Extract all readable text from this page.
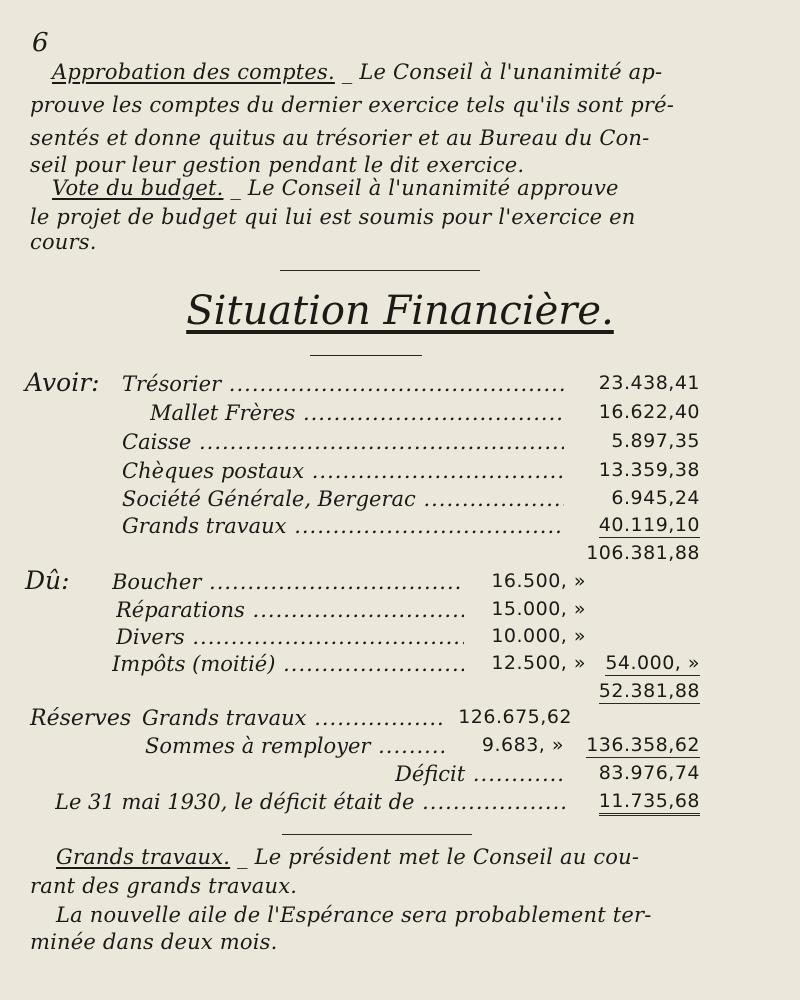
6
Approbation des comptes. _ Le Conseil à l'unanimité ap-
prouve les comptes du dernier exercice tels qu'ils sont pré-
sentés et donne quitus au trésorier et au Bureau du Con-
seil pour leur gestion pendant le dit exercice.
Vote du budget. _ Le Conseil à l'unanimité approuve
le projet de budget qui lui est soumis pour l'exercice en
cours.
Situation Financière.
Avoir: Trésorier .....	23.438,41
Mallet Frères .....	16.622,40
Caisse .....	5.897,35
Chèques postaux .....	13.359,38
Société Générale, Bergerac .....	6.945,24
Grands travaux .....	40.119,10
106.381,88
Dû: Boucher .....	16.500, »
Réparations .....	15.000, »
Divers .....	10.000, »
Impôts (moitié) .....	12.500, »	54.000, »
52.381,88
Réserves Grands travaux .....	126.675,62
Sommes à remployer .....	9.683, »	136.358,62
Déficit .....	83.976,74
Le 31 mai 1930, le déficit était de .....	11.735,68
Grands travaux. _ Le président met le Conseil au cou-
rant des grands travaux.
La nouvelle aile de l'Espérance sera probablement ter-
minée dans deux mois.
